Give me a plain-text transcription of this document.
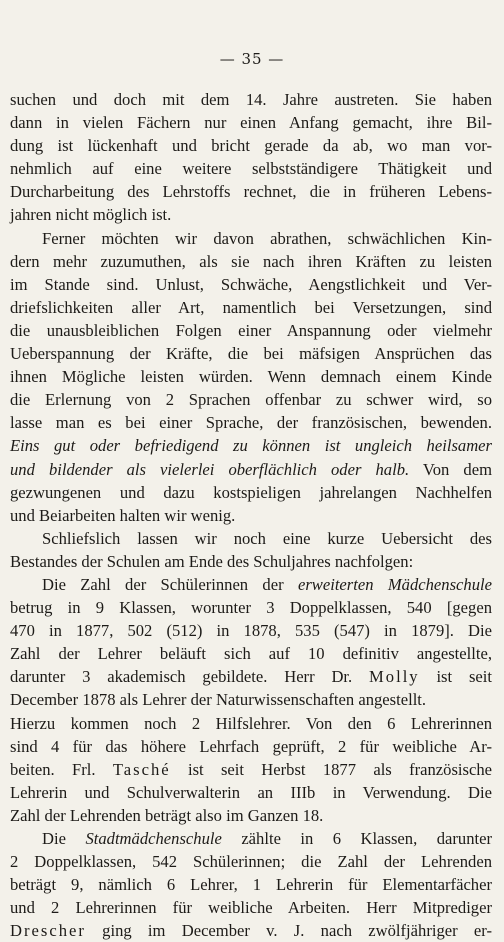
— 35 —
suchen und doch mit dem 14. Jahre austreten. Sie haben
dann in vielen Fächern nur einen Anfang gemacht, ihre Bil-
dung ist lückenhaft und bricht gerade da ab, wo man vor-
nehmlich auf eine weitere selbstständigere Thätigkeit und
Durcharbeitung des Lehrstoffs rechnet, die in früheren Lebens-
jahren nicht möglich ist.
Ferner möchten wir davon abrathen, schwächlichen Kin-
dern mehr zuzumuthen, als sie nach ihren Kräften zu leisten
im Stande sind. Unlust, Schwäche, Aengstlichkeit und Ver-
driefslichkeiten aller Art, namentlich bei Versetzungen, sind
die unausbleiblichen Folgen einer Anspannung oder vielmehr
Ueberspannung der Kräfte, die bei mäfsigen Ansprüchen das
ihnen Mögliche leisten würden. Wenn demnach einem Kinde
die Erlernung von 2 Sprachen offenbar zu schwer wird, so
lasse man es bei einer Sprache, der französischen, bewenden.
Eins gut oder befriedigend zu können ist ungleich heilsamer
und bildender als vielerlei oberflächlich oder halb. Von dem
gezwungenen und dazu kostspieligen jahrelangen Nachhelfen
und Beiarbeiten halten wir wenig.
Schliefslich lassen wir noch eine kurze Uebersicht des
Bestandes der Schulen am Ende des Schuljahres nachfolgen:
Die Zahl der Schülerinnen der erweiterten Mädchenschule
betrug in 9 Klassen, worunter 3 Doppelklassen, 540 [gegen
470 in 1877, 502 (512) in 1878, 535 (547) in 1879]. Die
Zahl der Lehrer beläuft sich auf 10 definitiv angestellte,
darunter 3 akademisch gebildete. Herr Dr. Molly ist seit
December 1878 als Lehrer der Naturwissenschaften angestellt.
Hierzu kommen noch 2 Hilfslehrer. Von den 6 Lehrerinnen
sind 4 für das höhere Lehrfach geprüft, 2 für weibliche Ar-
beiten. Frl. Tasché ist seit Herbst 1877 als französische
Lehrerin und Schulverwalterin an IIIb in Verwendung. Die
Zahl der Lehrenden beträgt also im Ganzen 18.
Die Stadtmädchenschule zählte in 6 Klassen, darunter
2 Doppelklassen, 542 Schülerinnen; die Zahl der Lehrenden
beträgt 9, nämlich 6 Lehrer, 1 Lehrerin für Elementarfächer
und 2 Lehrerinnen für weibliche Arbeiten. Herr Mitprediger
Drescher ging im December v. J. nach zwölfjähriger er-
